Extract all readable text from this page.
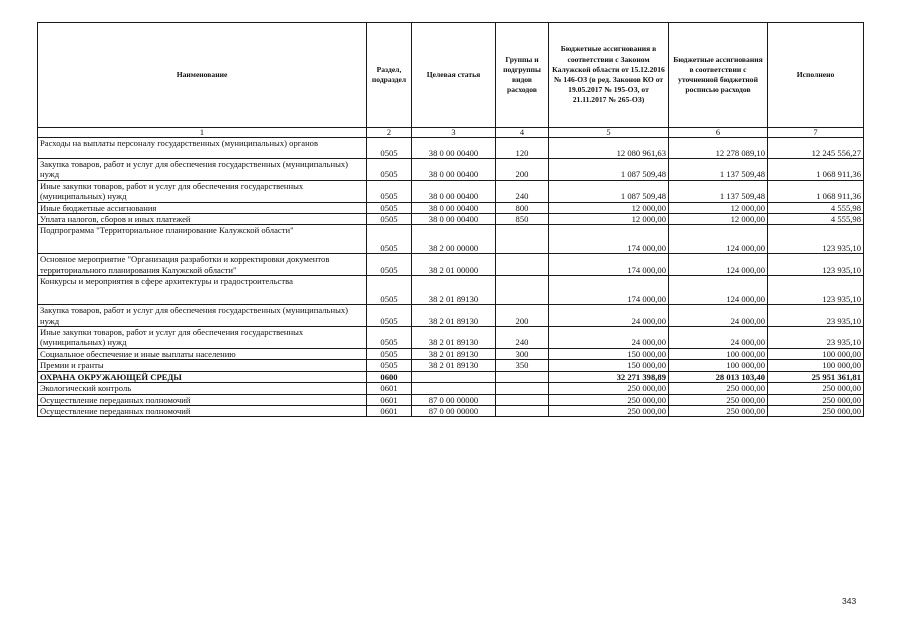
Наименование	Раздел, подраздел	Целевая статья	Группы и подгруппы видов расходов	Бюджетные ассигнования в соответствии с Законом Калужской области от 15.12.2016 № 146-ОЗ (в ред. Законов КО от 19.05.2017 № 195-ОЗ, от 21.11.2017 № 265-ОЗ)	Бюджетные ассигнования в соответствии с уточненной бюджетной росписью расходов	Исполнено
1	2	3	4	5	6	7
Расходы на выплаты персоналу государственных (муниципальных) органов	0505	38 0 00 00400	120	12 080 961,63	12 278 089,10	12 245 556,27
Закупка товаров, работ и услуг для обеспечения государственных (муниципальных) нужд	0505	38 0 00 00400	200	1 087 509,48	1 137 509,48	1 068 911,36
Иные закупки товаров, работ и услуг для обеспечения государственных (муниципальных) нужд	0505	38 0 00 00400	240	1 087 509,48	1 137 509,48	1 068 911,36
Иные бюджетные ассигнования	0505	38 0 00 00400	800	12 000,00	12 000,00	4 555,98
Уплата налогов, сборов и иных платежей	0505	38 0 00 00400	850	12 000,00	12 000,00	4 555,98
Подпрограмма "Территориальное планирование Калужской области"	0505	38 2 00 00000		174 000,00	124 000,00	123 935,10
Основное мероприятие "Организация разработки и корректировки документов территориального планирования Калужской области"	0505	38 2 01 00000		174 000,00	124 000,00	123 935,10
Конкурсы и мероприятия в сфере архитектуры и градостроительства	0505	38 2 01 89130		174 000,00	124 000,00	123 935,10
Закупка товаров, работ и услуг для обеспечения государственных (муниципальных) нужд	0505	38 2 01 89130	200	24 000,00	24 000,00	23 935,10
Иные закупки товаров, работ и услуг для обеспечения государственных (муниципальных) нужд	0505	38 2 01 89130	240	24 000,00	24 000,00	23 935,10
Социальное обеспечение и иные выплаты населению	0505	38 2 01 89130	300	150 000,00	100 000,00	100 000,00
Премии и гранты	0505	38 2 01 89130	350	150 000,00	100 000,00	100 000,00
ОХРАНА ОКРУЖАЮЩЕЙ СРЕДЫ	0600			32 271 398,89	28 013 103,40	25 951 361,81
Экологический контроль	0601			250 000,00	250 000,00	250 000,00
Осуществление переданных полномочий	0601	87 0 00 00000		250 000,00	250 000,00	250 000,00
Осуществление переданных полномочий	0601	87 0 00 00000		250 000,00	250 000,00	250 000,00
343
